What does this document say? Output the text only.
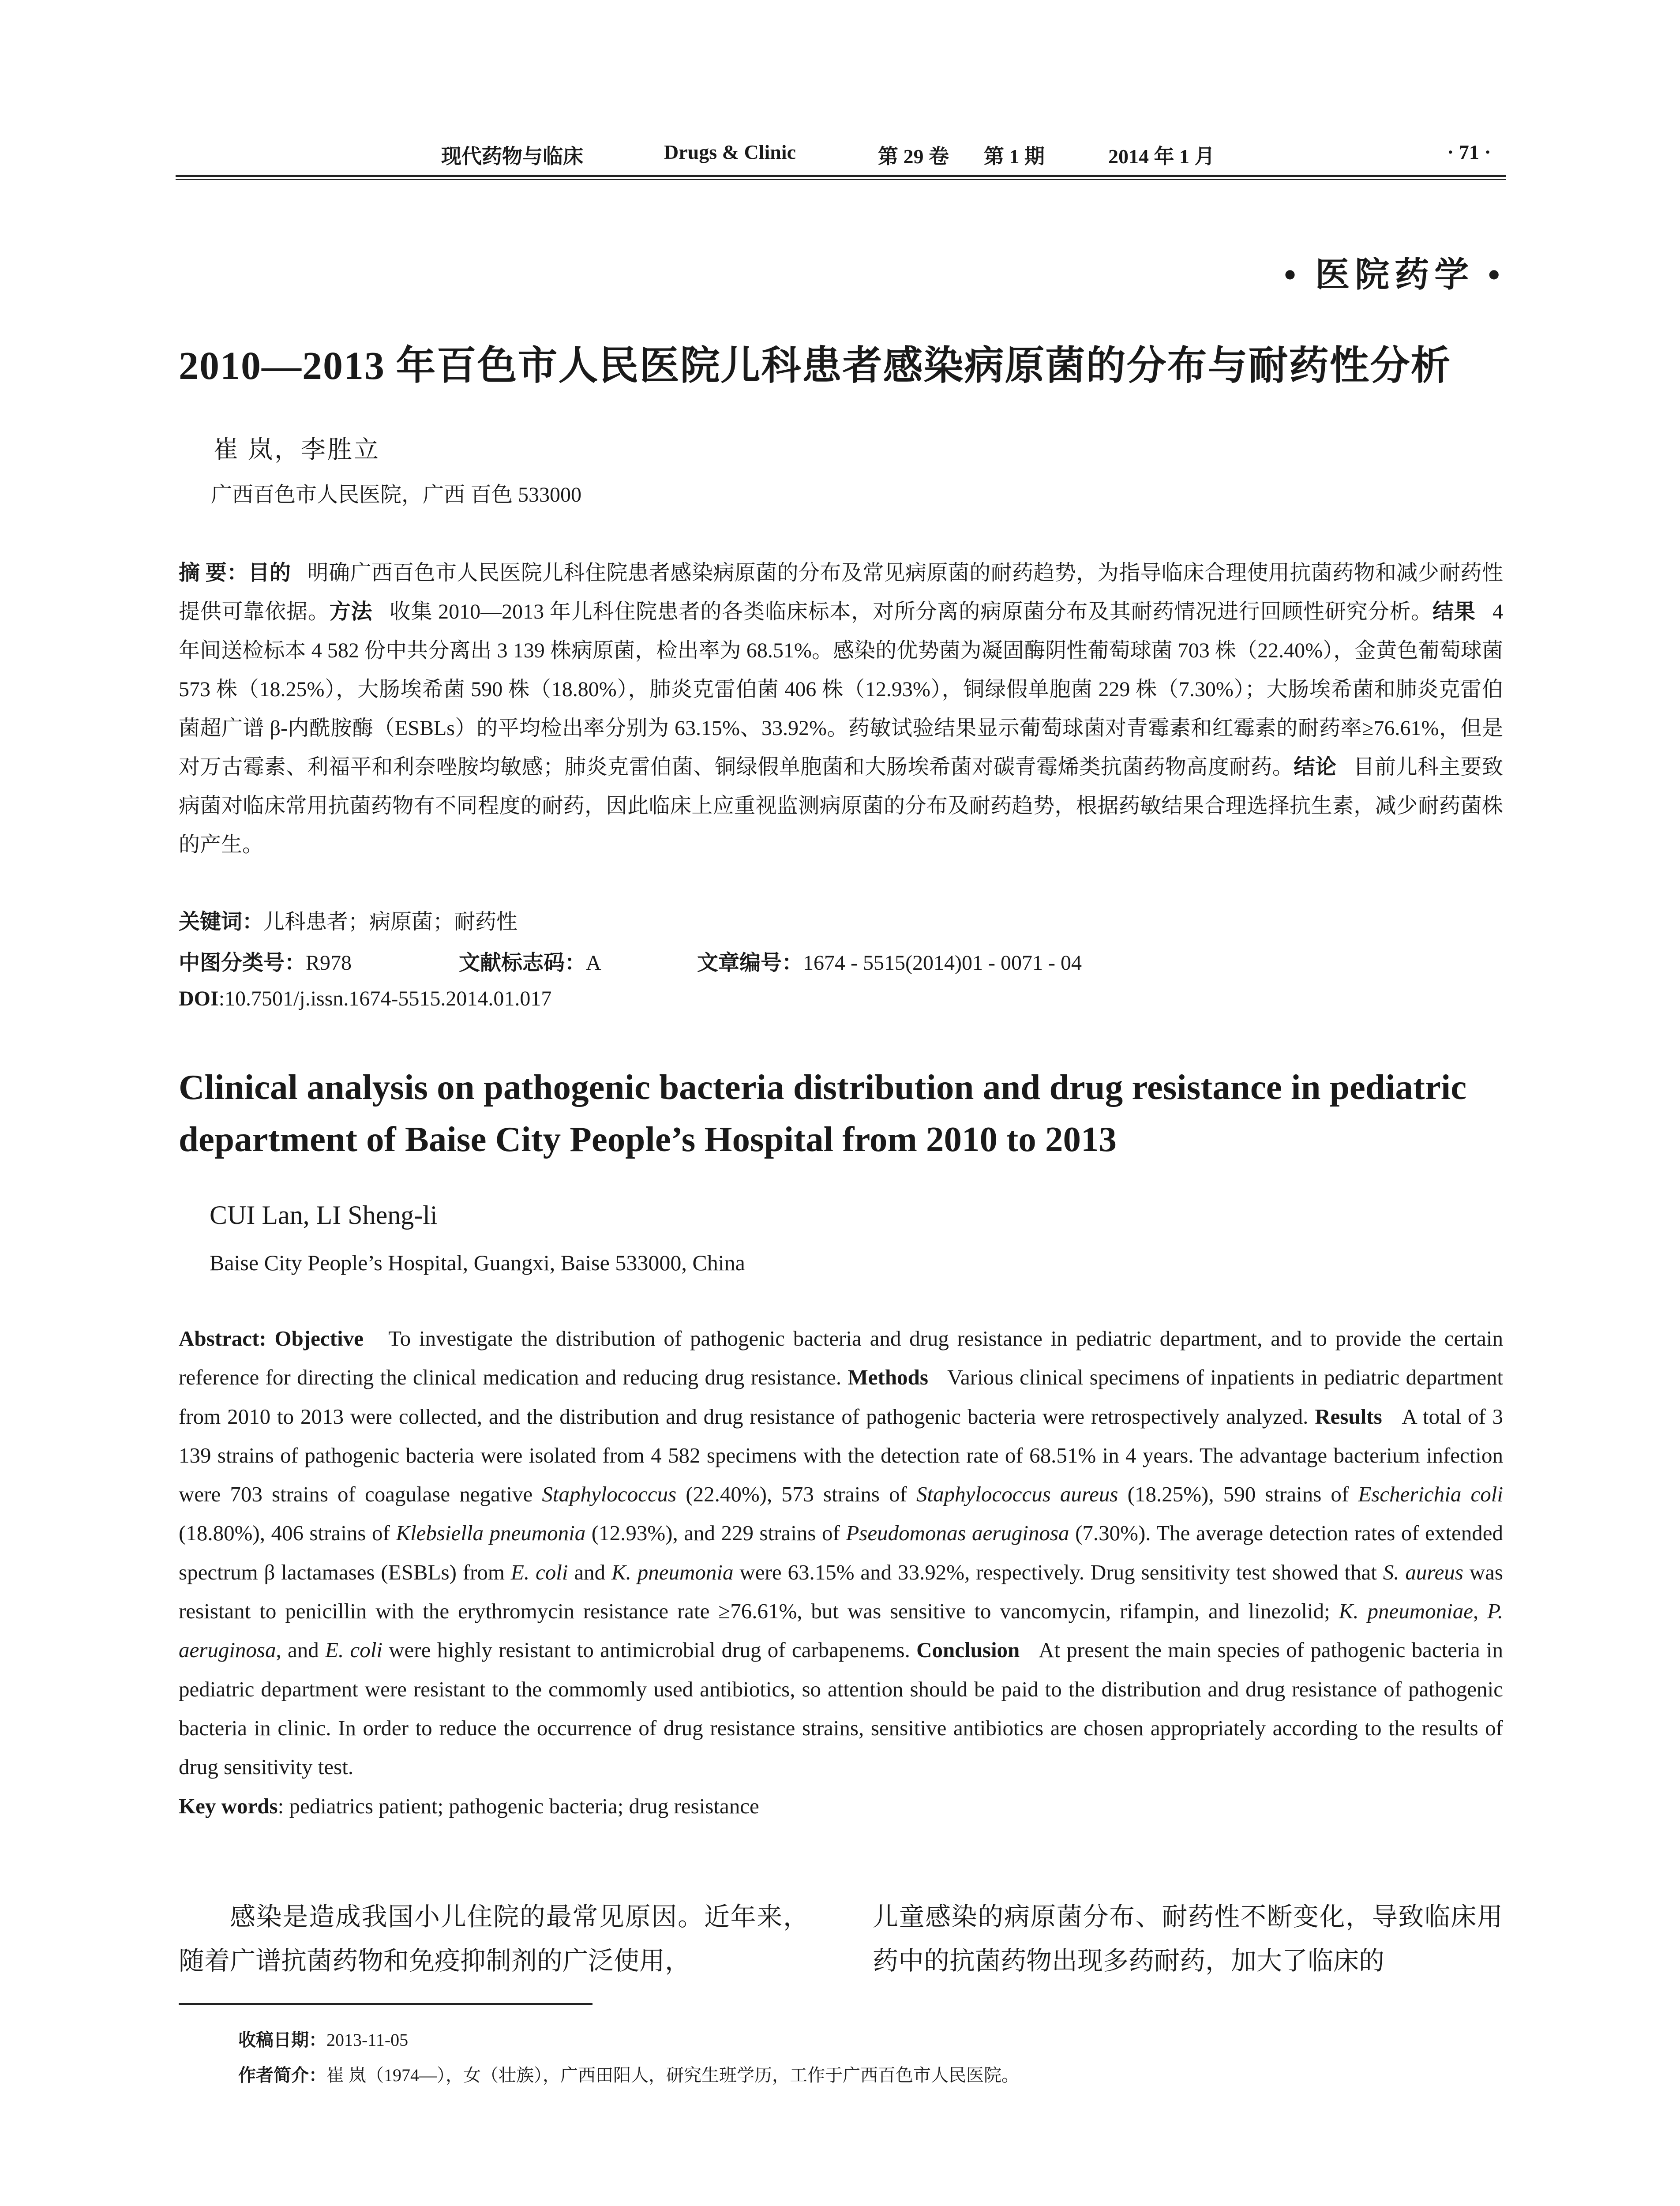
现代药物与临床	Drugs & Clinic	第 29 卷 第 1 期	2014 年 1 月	· 71 ·
• 医院药学 •
2010—2013 年百色市人民医院儿科患者感染病原菌的分布与耐药性分析
崔 岚，李胜立
广西百色市人民医院，广西 百色 533000

摘 要：目的 明确广西百色市人民医院儿科住院患者感染病原菌的分布及常见病原菌的耐药趋势，为指导临床合理使用抗菌药物和减少耐药性提供可靠依据。方法 收集 2010—2013 年儿科住院患者的各类临床标本，对所分离的病原菌分布及其耐药情况进行回顾性研究分析。结果 4 年间送检标本 4 582 份中共分离出 3 139 株病原菌，检出率为 68.51%。感染的优势菌为凝固酶阴性葡萄球菌 703 株（22.40%），金黄色葡萄球菌 573 株（18.25%），大肠埃希菌 590 株（18.80%），肺炎克雷伯菌 406 株（12.93%），铜绿假单胞菌 229 株（7.30%）；大肠埃希菌和肺炎克雷伯菌超广谱 β-内酰胺酶（ESBLs）的平均检出率分别为 63.15%、33.92%。药敏试验结果显示葡萄球菌对青霉素和红霉素的耐药率≥76.61%，但是对万古霉素、利福平和利奈唑胺均敏感；肺炎克雷伯菌、铜绿假单胞菌和大肠埃希菌对碳青霉烯类抗菌药物高度耐药。结论 目前儿科主要致病菌对临床常用抗菌药物有不同程度的耐药，因此临床上应重视监测病原菌的分布及耐药趋势，根据药敏结果合理选择抗生素，减少耐药菌株的产生。

关键词：儿科患者；病原菌；耐药性
中图分类号：R978	文献标志码：A	文章编号：1674 - 5515(2014)01 - 0071 - 04
DOI:10.7501/j.issn.1674-5515.2014.01.017

Clinical analysis on pathogenic bacteria distribution and drug resistance in pediatric department of Baise City People’s Hospital from 2010 to 2013

CUI Lan, LI Sheng-li
Baise City People’s Hospital, Guangxi, Baise 533000, China

Abstract: Objective To investigate the distribution of pathogenic bacteria and drug resistance in pediatric department, and to provide the certain reference for directing the clinical medication and reducing drug resistance. Methods Various clinical specimens of inpatients in pediatric department from 2010 to 2013 were collected, and the distribution and drug resistance of pathogenic bacteria were retrospectively analyzed. Results A total of 3 139 strains of pathogenic bacteria were isolated from 4 582 specimens with the detection rate of 68.51% in 4 years. The advantage bacterium infection were 703 strains of coagulase negative Staphylococcus (22.40%), 573 strains of Staphylococcus aureus (18.25%), 590 strains of Escherichia coli (18.80%), 406 strains of Klebsiella pneumonia (12.93%), and 229 strains of Pseudomonas aeruginosa (7.30%). The average detection rates of extended spectrum β lactamases (ESBLs) from E. coli and K. pneumonia were 63.15% and 33.92%, respectively. Drug sensitivity test showed that S. aureus was resistant to penicillin with the erythromycin resistance rate ≥76.61%, but was sensitive to vancomycin, rifampin, and linezolid; K. pneumoniae, P. aeruginosa, and E. coli were highly resistant to antimicrobial drug of carbapenems. Conclusion At present the main species of pathogenic bacteria in pediatric department were resistant to the commomly used antibiotics, so attention should be paid to the distribution and drug resistance of pathogenic bacteria in clinic. In order to reduce the occurrence of drug resistance strains, sensitive antibiotics are chosen appropriately according to the results of drug sensitivity test.
Key words: pediatrics patient; pathogenic bacteria; drug resistance

感染是造成我国小儿住院的最常见原因。近年来，随着广谱抗菌药物和免疫抑制剂的广泛使用，

儿童感染的病原菌分布、耐药性不断变化，导致临床用药中的抗菌药物出现多药耐药，加大了临床的

收稿日期：2013-11-05
作者简介：崔 岚（1974—），女（壮族），广西田阳人，研究生班学历，工作于广西百色市人民医院。
